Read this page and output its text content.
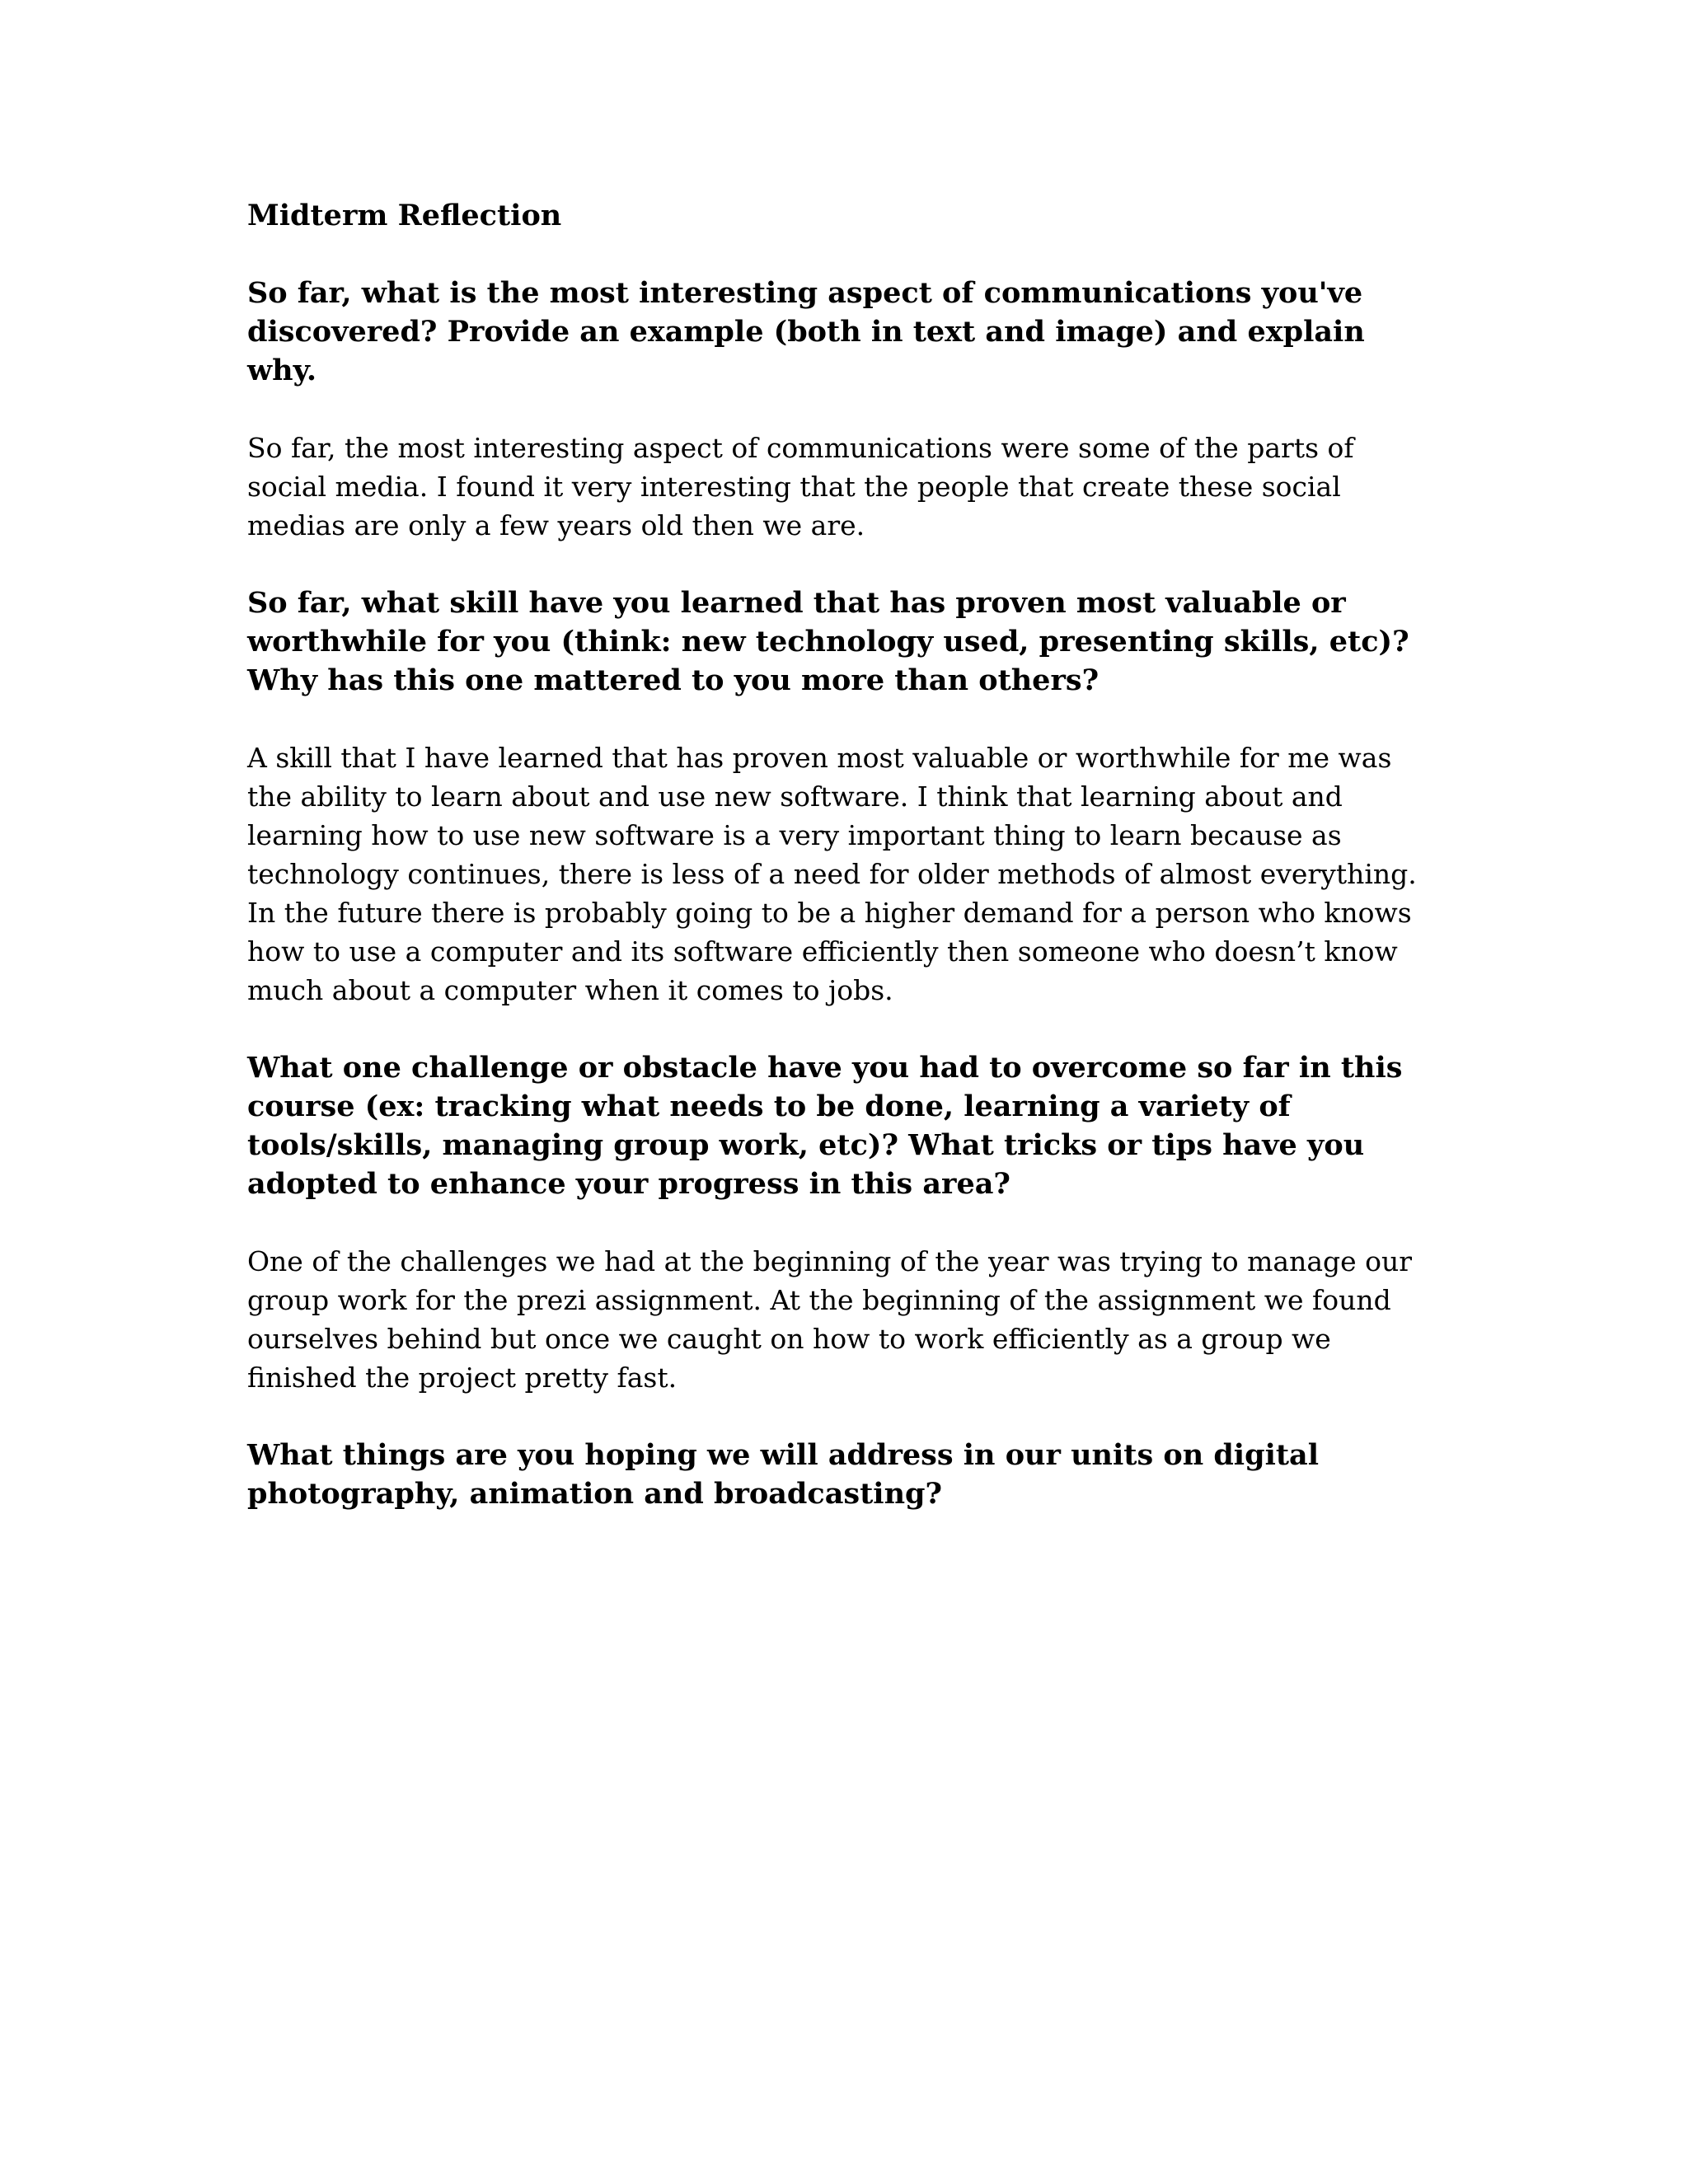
Midterm Reflection

So far, what is the most interesting aspect of communications you've discovered? Provide an example (both in text and image) and explain why.

So far, the most interesting aspect of communications were some of the parts of social media. I found it very interesting that the people that create these social medias are only a few years old then we are.

So far, what skill have you learned that has proven most valuable or worthwhile for you (think: new technology used, presenting skills, etc)? Why has this one mattered to you more than others?

A skill that I have learned that has proven most valuable or worthwhile for me was the ability to learn about and use new software. I think that learning about and learning how to use new software is a very important thing to learn because as technology continues, there is less of a need for older methods of almost everything. In the future there is probably going to be a higher demand for a person who knows how to use a computer and its software efficiently then someone who doesn’t know much about a computer when it comes to jobs.

What one challenge or obstacle have you had to overcome so far in this course (ex: tracking what needs to be done, learning a variety of tools/skills, managing group work, etc)? What tricks or tips have you adopted to enhance your progress in this area?

One of the challenges we had at the beginning of the year was trying to manage our group work for the prezi assignment. At the beginning of the assignment we found ourselves behind but once we caught on how to work efficiently as a group we finished the project pretty fast.

What things are you hoping we will address in our units on digital photography, animation and broadcasting?
